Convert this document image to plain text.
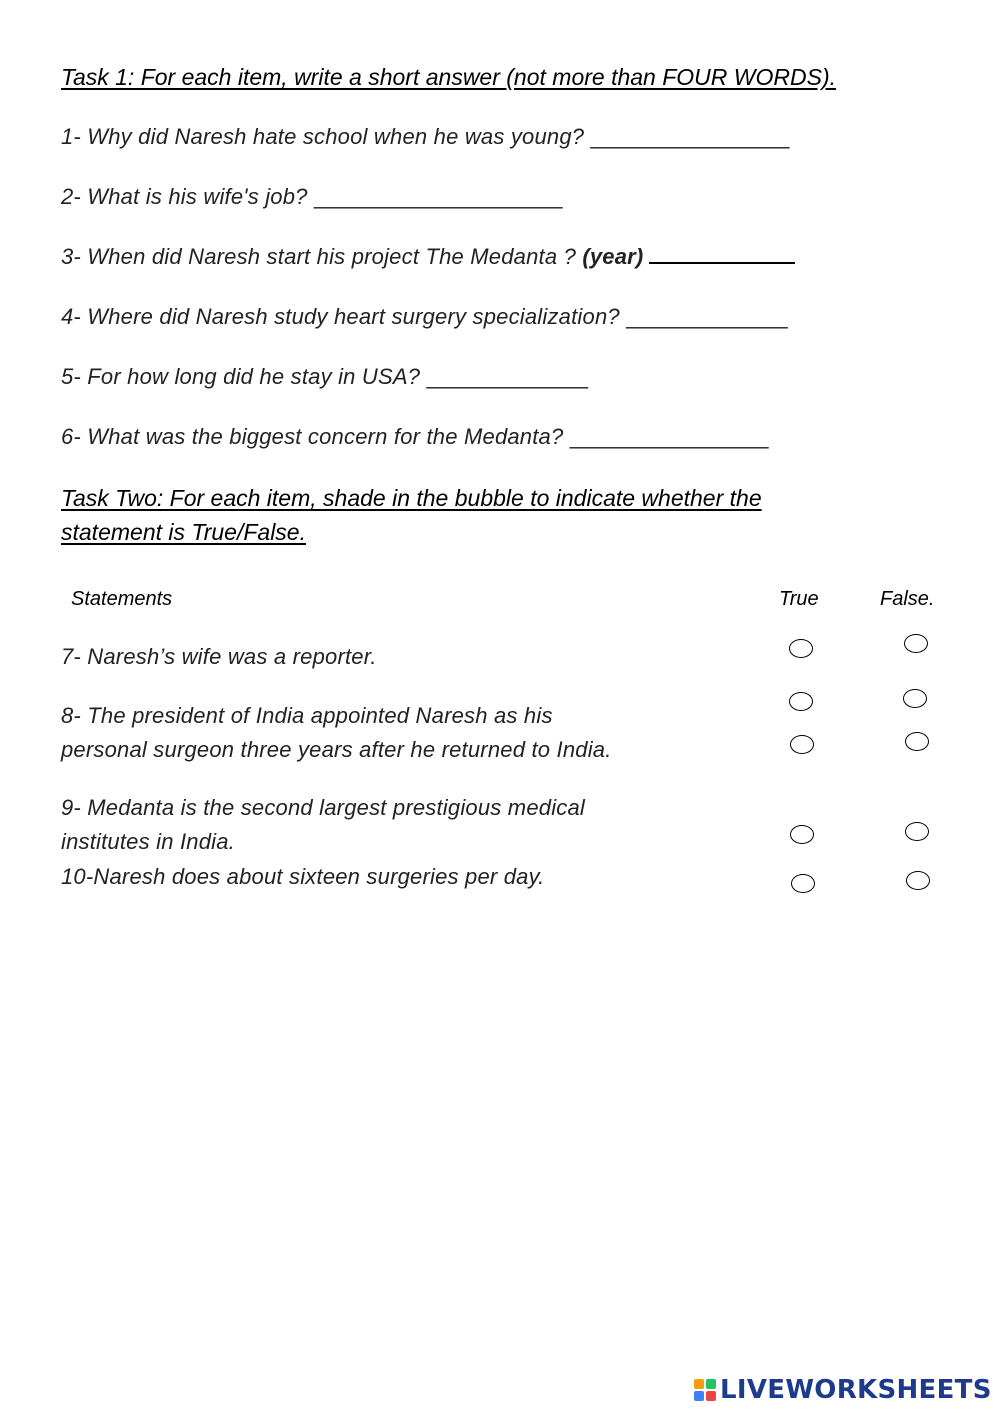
Task 1: For each item, write a short answer (not more than FOUR WORDS).
1- Why did Naresh hate school when he was young? ________________
2- What is his wife's job? ____________________
3- When did Naresh start his project The Medanta ? (year)
4- Where did Naresh study heart surgery specialization? _____________
5- For how long did he stay in USA? _____________
6- What was the biggest concern for the Medanta? ________________
Task Two: For each item, shade in the bubble to indicate whether the
statement is True/False.
Statements	True	False.
7- Naresh’s wife was a reporter.
8- The president of India appointed Naresh as his
personal surgeon three years after he returned to India.
9- Medanta is the second largest prestigious medical
institutes in India.
10-Naresh does about sixteen surgeries per day.
LIVEWORKSHEETS
